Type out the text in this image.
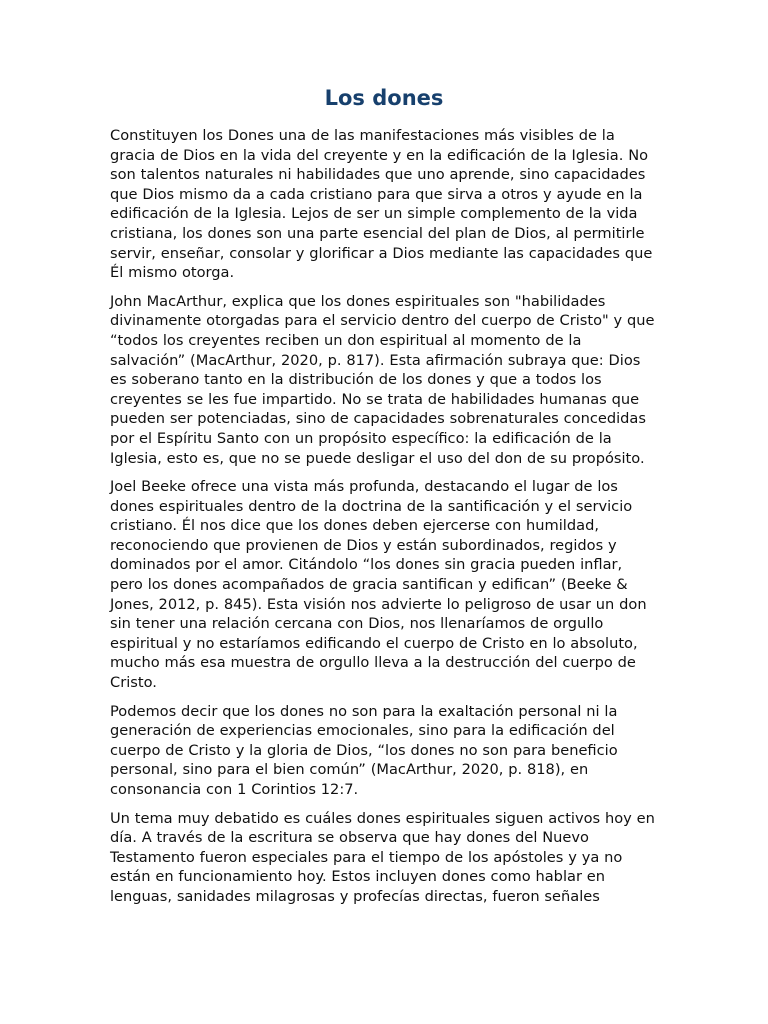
Los dones

Constituyen los Dones una de las manifestaciones más visibles de la gracia de Dios en la vida del creyente y en la edificación de la Iglesia. No son talentos naturales ni habilidades que uno aprende, sino capacidades que Dios mismo da a cada cristiano para que sirva a otros y ayude en la edificación de la Iglesia. Lejos de ser un simple complemento de la vida cristiana, los dones son una parte esencial del plan de Dios, al permitirle servir, enseñar, consolar y glorificar a Dios mediante las capacidades que Él mismo otorga.

John MacArthur, explica que los dones espirituales son "habilidades divinamente otorgadas para el servicio dentro del cuerpo de Cristo" y que “todos los creyentes reciben un don espiritual al momento de la salvación” (MacArthur, 2020, p. 817). Esta afirmación subraya que: Dios es soberano tanto en la distribución de los dones y que a todos los creyentes se les fue impartido. No se trata de habilidades humanas que pueden ser potenciadas, sino de capacidades sobrenaturales concedidas por el Espíritu Santo con un propósito específico: la edificación de la Iglesia, esto es, que no se puede desligar el uso del don de su propósito.

Joel Beeke ofrece una vista más profunda, destacando el lugar de los dones espirituales dentro de la doctrina de la santificación y el servicio cristiano. Él nos dice que los dones deben ejercerse con humildad, reconociendo que provienen de Dios y están subordinados, regidos y dominados por el amor. Citándolo “los dones sin gracia pueden inflar, pero los dones acompañados de gracia santifican y edifican” (Beeke & Jones, 2012, p. 845). Esta visión nos advierte lo peligroso de usar un don sin tener una relación cercana con Dios, nos llenaríamos de orgullo espiritual y no estaríamos edificando el cuerpo de Cristo en lo absoluto, mucho más esa muestra de orgullo lleva a la destrucción del cuerpo de Cristo.

Podemos decir que los dones no son para la exaltación personal ni la generación de experiencias emocionales, sino para la edificación del cuerpo de Cristo y la gloria de Dios, “los dones no son para beneficio personal, sino para el bien común” (MacArthur, 2020, p. 818), en consonancia con 1 Corintios 12:7.

Un tema muy debatido es cuáles dones espirituales siguen activos hoy en día. A través de la escritura se observa que hay dones del Nuevo Testamento fueron especiales para el tiempo de los apóstoles y ya no están en funcionamiento hoy. Estos incluyen dones como hablar en lenguas, sanidades milagrosas y profecías directas, fueron señales
